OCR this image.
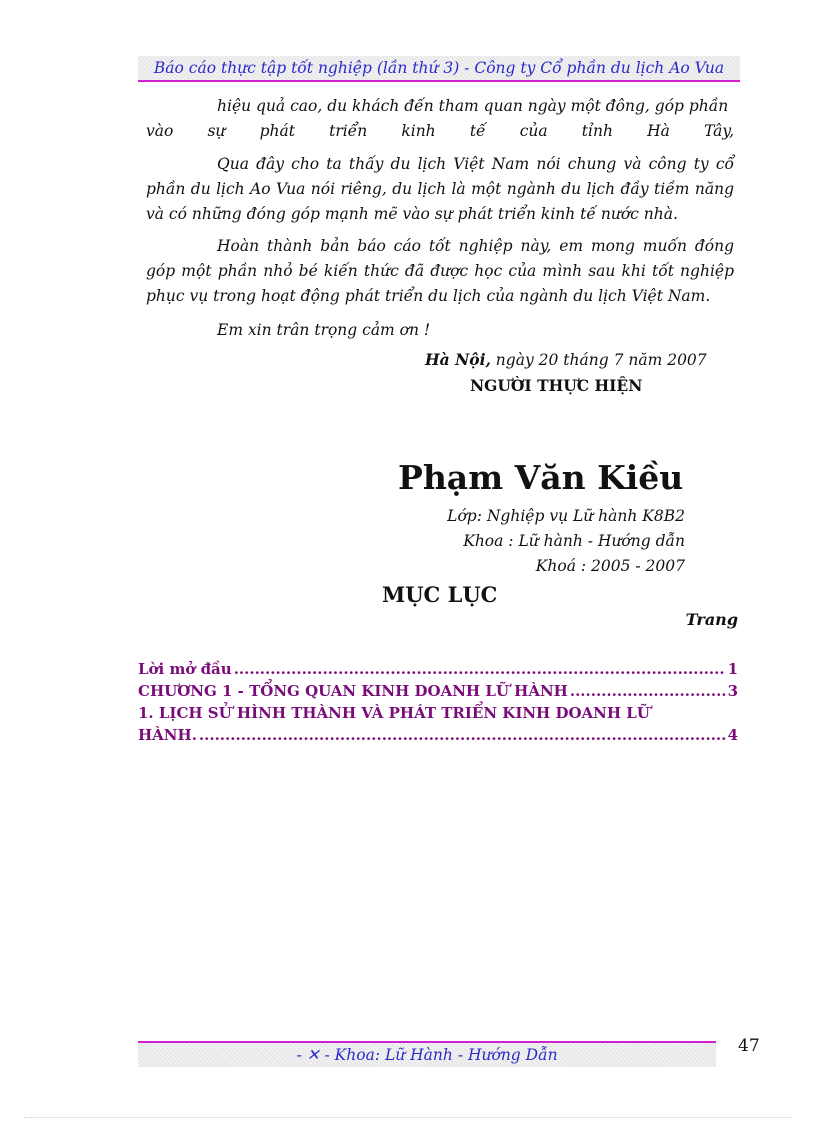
Báo cáo thực tập tốt nghiệp (lần thứ 3) - Công ty Cổ phần du lịch Ao Vua
hiệu quả cao, du khách đến tham quan ngày một đông, góp phần
vào sự phát triển kinh tế của tỉnh Hà Tây,
Qua đây cho ta thấy du lịch Việt Nam nói chung và công ty cổ phần du lịch Ao Vua nói riêng, du lịch là một ngành du lịch đầy tiềm năng và có những đóng góp mạnh mẽ vào sự phát triển kinh tế nước nhà.
Hoàn thành bản báo cáo tốt nghiệp này, em mong muốn đóng góp một phần nhỏ bé kiến thức đã được học của mình sau khi tốt nghiệp phục vụ trong hoạt động phát triển du lịch của ngành du lịch Việt Nam.
Em xin trân trọng cảm ơn !
Hà Nội, ngày 20 tháng 7 năm 2007
NGƯỜI THỰC HIỆN
Phạm Văn Kiều
Lớp: Nghiệp vụ Lữ hành K8B2
Khoa : Lữ hành - Hướng dẫn
Khoá : 2005 - 2007
MỤC LỤC
Trang
Lời mở đầu .....	1
CHƯƠNG 1 - TỔNG QUAN KINH DOANH LỮ HÀNH .....	3
1. LỊCH SỬ HÌNH THÀNH VÀ PHÁT TRIỂN KINH DOANH LỮ
HÀNH. .....	4
- ✕ - Khoa: Lữ Hành - Hướng Dẫn	47
